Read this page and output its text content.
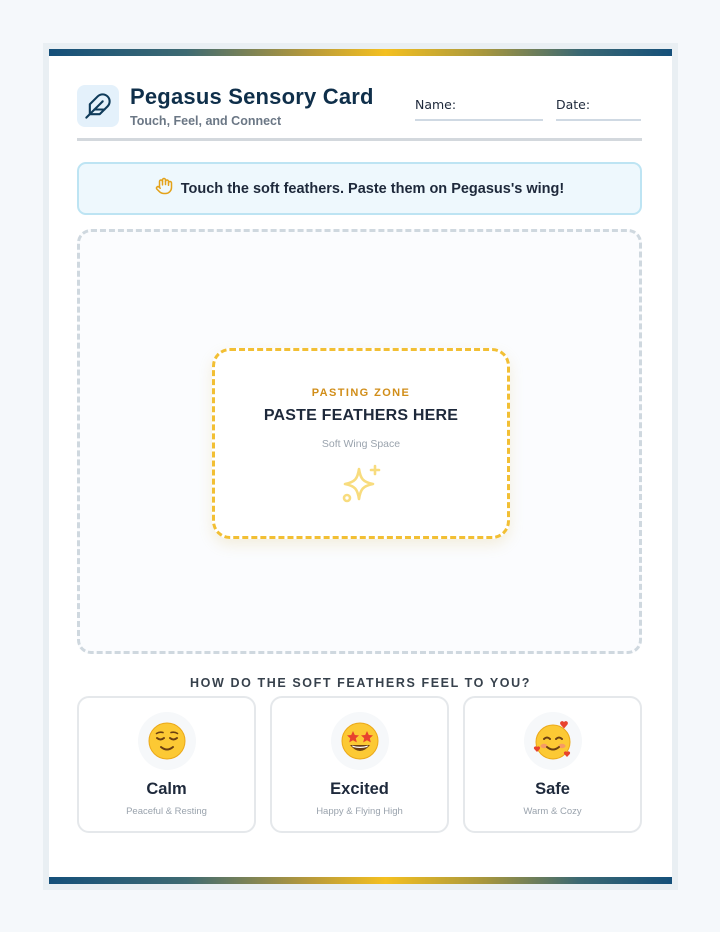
Pegasus Sensory Card
Touch, Feel, and Connect
Name:	Date:
Touch the soft feathers. Paste them on Pegasus's wing!
PASTING ZONE
PASTE FEATHERS HERE
Soft Wing Space
HOW DO THE SOFT FEATHERS FEEL TO YOU?
Calm
Peaceful & Resting
Excited
Happy & Flying High
Safe
Warm & Cozy
